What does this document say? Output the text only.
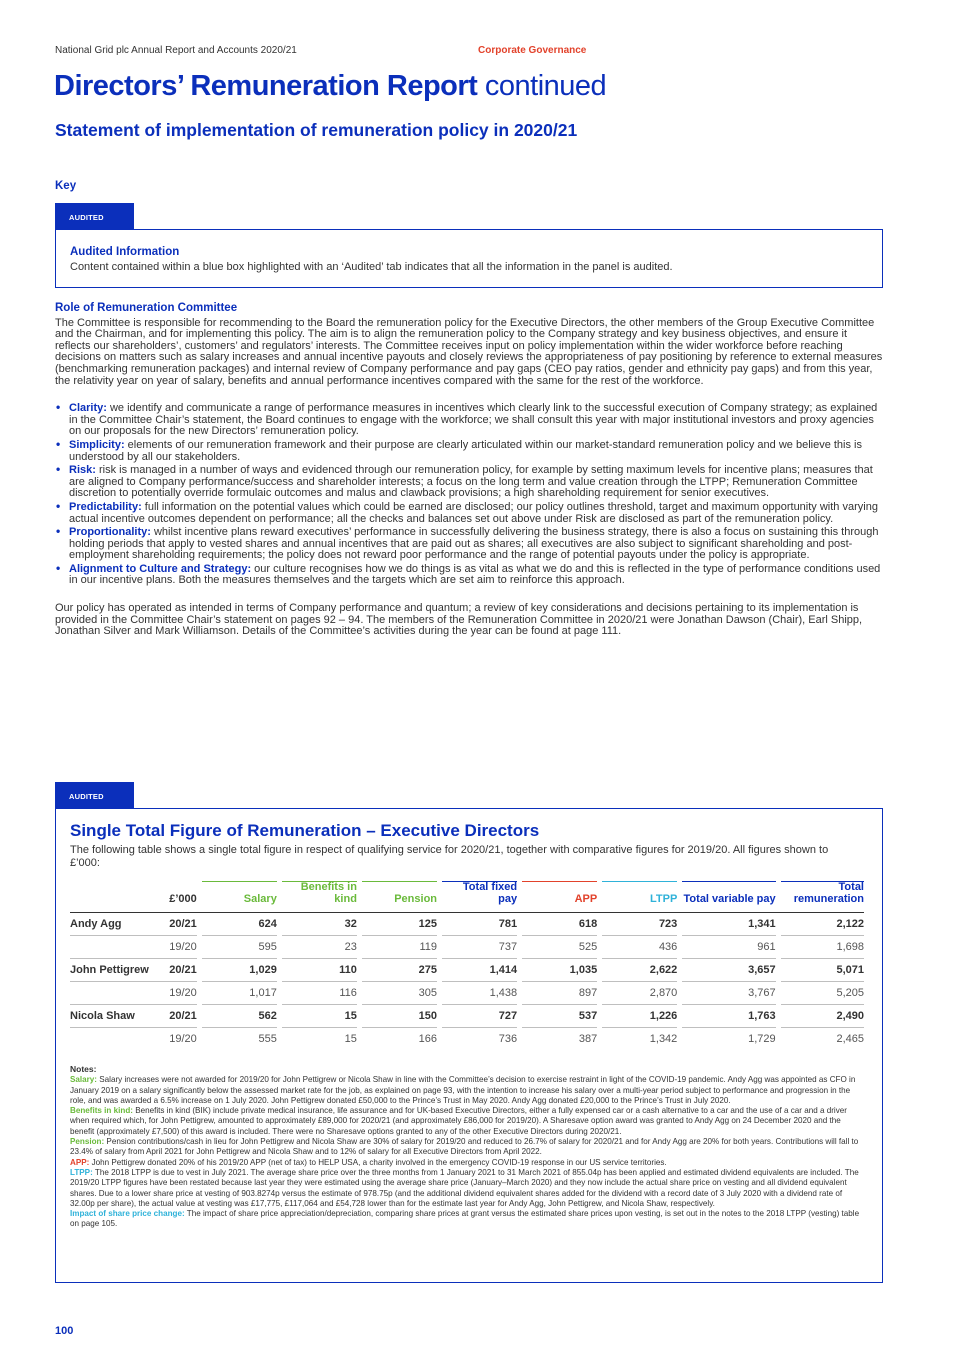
National Grid plc Annual Report and Accounts 2020/21	Corporate Governance
Directors’ Remuneration Report continued
Statement of implementation of remuneration policy in 2020/21
Key
AUDITED
Audited Information
Content contained within a blue box highlighted with an ‘Audited’ tab indicates that all the information in the panel is audited.
Role of Remuneration Committee

The Committee is responsible for recommending to the Board the remuneration policy for the Executive Directors, the other members of the Group Executive Committee and the Chairman, and for implementing this policy. The aim is to align the remuneration policy to the Company strategy and key business objectives, and ensure it reflects our shareholders’, customers’ and regulators’ interests. The Committee receives input on policy implementation within the wider workforce before reaching decisions on matters such as salary increases and annual incentive payouts and closely reviews the appropriateness of pay positioning by reference to external measures (benchmarking remuneration packages) and internal review of Company performance and pay gaps (CEO pay ratios, gender and ethnicity pay gaps) and from this year, the relativity year on year of salary, benefits and annual performance incentives compared with the same for the rest of the workforce.

• Clarity: we identify and communicate a range of performance measures in incentives which clearly link to the successful execution of Company strategy; as explained in the Committee Chair’s statement, the Board continues to engage with the workforce; we shall consult this year with major institutional investors and proxy agencies on our proposals for the new Directors’ remuneration policy.
• Simplicity: elements of our remuneration framework and their purpose are clearly articulated within our market-standard remuneration policy and we believe this is understood by all our stakeholders.
• Risk: risk is managed in a number of ways and evidenced through our remuneration policy, for example by setting maximum levels for incentive plans; measures that are aligned to Company performance/success and shareholder interests; a focus on the long term and value creation through the LTPP; Remuneration Committee discretion to potentially override formulaic outcomes and malus and clawback provisions; a high shareholding requirement for senior executives.
• Predictability: full information on the potential values which could be earned are disclosed; our policy outlines threshold, target and maximum opportunity with varying actual incentive outcomes dependent on performance; all the checks and balances set out above under Risk are disclosed as part of the remuneration policy.
• Proportionality: whilst incentive plans reward executives’ performance in successfully delivering the business strategy, there is also a focus on sustaining this through holding periods that apply to vested shares and annual incentives that are paid out as shares; all executives are also subject to significant shareholding and post-employment shareholding requirements; the policy does not reward poor performance and the range of potential payouts under the policy is appropriate.
• Alignment to Culture and Strategy: our culture recognises how we do things is as vital as what we do and this is reflected in the type of performance conditions used in our incentive plans. Both the measures themselves and the targets which are set aim to reinforce this approach.

Our policy has operated as intended in terms of Company performance and quantum; a review of key considerations and decisions pertaining to its implementation is provided in the Committee Chair’s statement on pages 92 – 94. The members of the Remuneration Committee in 2020/21 were Jonathan Dawson (Chair), Earl Shipp, Jonathan Silver and Mark Williamson. Details of the Committee’s activities during the year can be found at page 111.

AUDITED
Single Total Figure of Remuneration – Executive Directors
The following table shows a single total figure in respect of qualifying service for 2020/21, together with comparative figures for 2019/20. All figures shown to £’000:
	£’000		Salary		Benefits in kind		Pension		Total fixed pay		APP		LTPP		Total variable pay		Total remuneration
Andy Agg	20/21		624		32		125		781		618		723		1,341		2,122
	19/20		595		23		119		737		525		436		961		1,698
John Pettigrew	20/21		1,029		110		275		1,414		1,035		2,622		3,657		5,071
	19/20		1,017		116		305		1,438		897		2,870		3,767		5,205
Nicola Shaw	20/21		562		15		150		727		537		1,226		1,763		2,490
	19/20		555		15		166		736		387		1,342		1,729		2,465
Notes:
Salary: Salary increases were not awarded for 2019/20 for John Pettigrew or Nicola Shaw in line with the Committee’s decision to exercise restraint in light of the COVID-19 pandemic. Andy Agg was appointed as CFO in January 2019 on a salary significantly below the assessed market rate for the job, as explained on page 93, with the intention to increase his salary over a multi-year period subject to performance and progression in the role, and was awarded a 6.5% increase on 1 July 2020. John Pettigrew donated £50,000 to the Prince’s Trust in May 2020. Andy Agg donated £20,000 to the Prince’s Trust in July 2020.
Benefits in kind: Benefits in kind (BIK) include private medical insurance, life assurance and for UK-based Executive Directors, either a fully expensed car or a cash alternative to a car and the use of a car and a driver when required which, for John Pettigrew, amounted to approximately £89,000 for 2020/21 (and approximately £86,000 for 2019/20). A Sharesave option award was granted to Andy Agg on 24 December 2020 and the benefit (approximately £7,500) of this award is included. There were no Sharesave options granted to any of the other Executive Directors during 2020/21.
Pension: Pension contributions/cash in lieu for John Pettigrew and Nicola Shaw are 30% of salary for 2019/20 and reduced to 26.7% of salary for 2020/21 and for Andy Agg are 20% for both years. Contributions will fall to 23.4% of salary from April 2021 for John Pettigrew and Nicola Shaw and to 12% of salary for all Executive Directors from April 2022.
APP: John Pettigrew donated 20% of his 2019/20 APP (net of tax) to HELP USA, a charity involved in the emergency COVID-19 response in our US service territories.
LTPP: The 2018 LTPP is due to vest in July 2021. The average share price over the three months from 1 January 2021 to 31 March 2021 of 855.04p has been applied and estimated dividend equivalents are included. The 2019/20 LTPP figures have been restated because last year they were estimated using the average share price (January–March 2020) and they now include the actual share price on vesting and all dividend equivalent shares. Due to a lower share price at vesting of 903.8274p versus the estimate of 978.75p (and the additional dividend equivalent shares added for the dividend with a record date of 3 July 2020 with a dividend rate of 32.00p per share), the actual value at vesting was £17,775, £117,064 and £54,728 lower than for the estimate last year for Andy Agg, John Pettigrew, and Nicola Shaw, respectively.
Impact of share price change: The impact of share price appreciation/depreciation, comparing share prices at grant versus the estimated share prices upon vesting, is set out in the notes to the 2018 LTPP (vesting) table on page 105.
100
